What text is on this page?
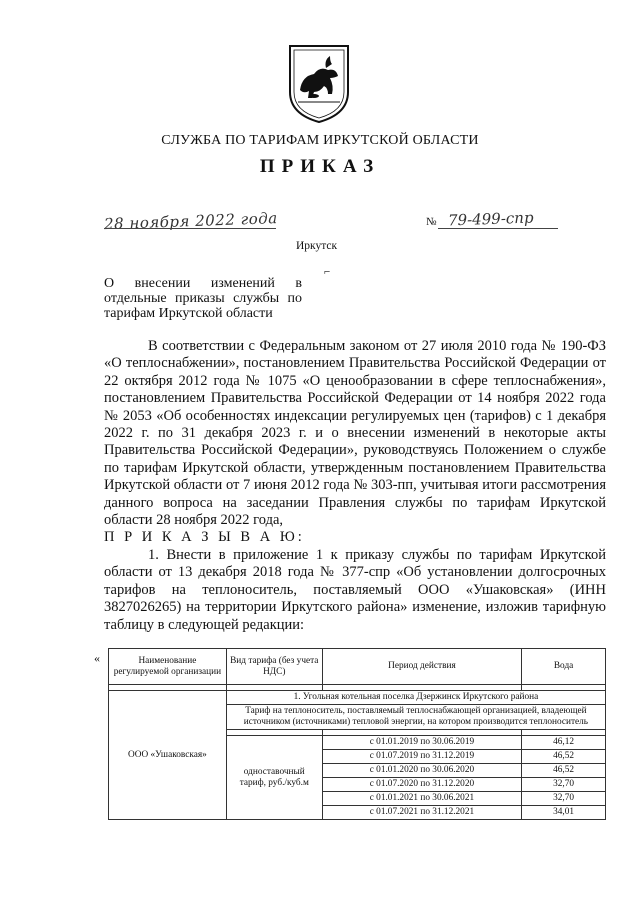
СЛУЖБА ПО ТАРИФАМ ИРКУТСКОЙ ОБЛАСТИ
ПРИКАЗ
28 ноября 2022 года	№ 79-499-спр
Иркутск
⌐
О внесении изменений в отдельные приказы службы по тарифам Иркутской области

В соответствии с Федеральным законом от 27 июля 2010 года № 190-ФЗ «О теплоснабжении», постановлением Правительства Российской Федерации от 22 октября 2012 года № 1075 «О ценообразовании в сфере теплоснабжения», постановлением Правительства Российской Федерации от 14 ноября 2022 года № 2053 «Об особенностях индексации регулируемых цен (тарифов) с 1 декабря 2022 г. по 31 декабря 2023 г. и о внесении изменений в некоторые акты Правительства Российской Федерации», руководствуясь Положением о службе по тарифам Иркутской области, утвержденным постановлением Правительства Иркутской области от 7 июня 2012 года № 303-пп, учитывая итоги рассмотрения данного вопроса на заседании Правления службы по тарифам Иркутской области 28 ноября 2022 года,

П Р И К А З Ы В А Ю:

1. Внести в приложение 1 к приказу службы по тарифам Иркутской области от 13 декабря 2018 года № 377-спр «Об установлении долгосрочных тарифов на теплоноситель, поставляемый ООО «Ушаковская» (ИНН 3827026265) на территории Иркутского района» изменение, изложив тарифную таблицу в следующей редакции:

«	Наименование регулируемой организации	Вид тарифа (без учета НДС)	Период действия	Вода

ООО «Ушаковская»	1. Угольная котельная поселка Дзержинск Иркутского района		
	Тариф на теплоноситель, поставляемый теплоснабжающей организацией, владеющей источником (источниками) тепловой энергии, на котором производится теплоноситель		

	одноставочный тариф, руб./куб.м	с 01.01.2019 по 30.06.2019	46,12
		с 01.07.2019 по 31.12.2019	46,52
		с 01.01.2020 по 30.06.2020	46,52
		с 01.07.2020 по 31.12.2020	32,70
		с 01.01.2021 по 30.06.2021	32,70
		с 01.07.2021 по 31.12.2021	34,01
